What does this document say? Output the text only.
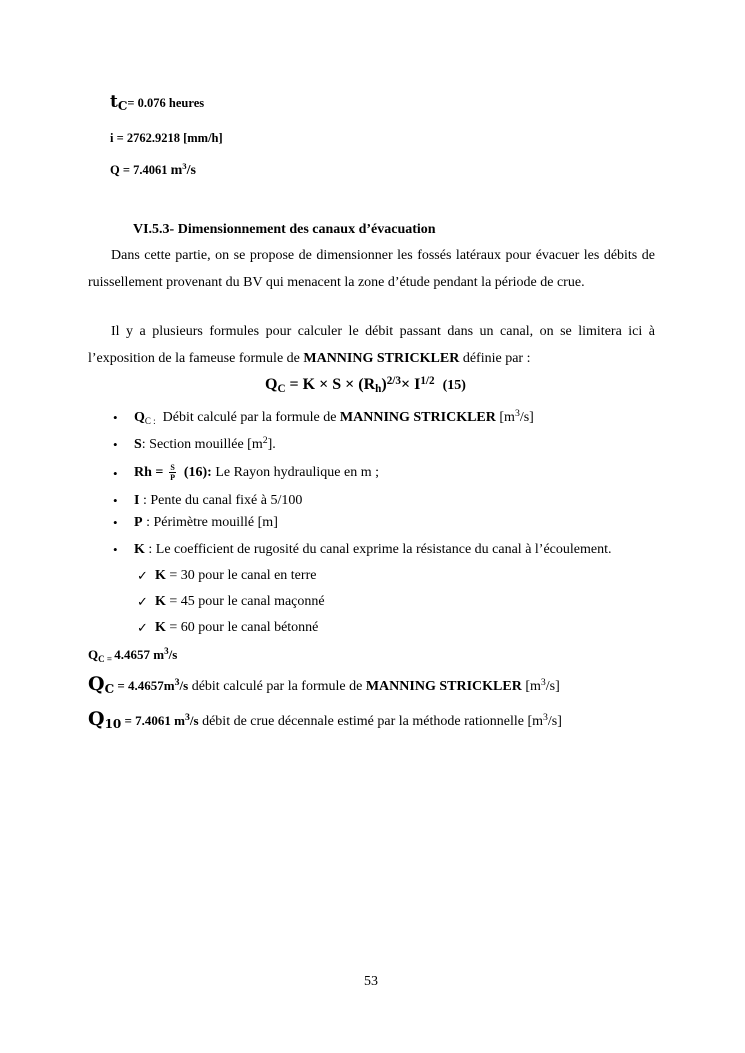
$t_C= 0.076$ heures
i = 2762.9218 [mm/h]
Q = 7.4061 $m^3/s$
VI.5.3- Dimensionnement des canaux d’évacuation
Dans cette partie, on se propose de dimensionner les fossés latéraux pour évacuer les débits de ruissellement provenant du BV qui menacent la zone d’étude pendant la période de crue.
Il y a plusieurs formules pour calculer le débit passant dans un canal, on se limitera ici à l’exposition de la fameuse formule de MANNING STRICKLER définie par :
$Q_C = K \times S \times (R_h)^{2/3}\times I^{1/2}$ (15)
• $Q_{C :}$ Débit calculé par la formule de MANNING STRICKLER $[m^3/s]$
• S: Section mouillée $[m^2]$.
• $Rh = \frac{S}{P} (16)$: Le Rayon hydraulique en m ;
• I : Pente du canal fixé à 5/100
• P : Périmètre mouillé [m]
• K : Le coefficient de rugosité du canal exprime la résistance du canal à l’écoulement.
✓ K = 30 pour le canal en terre
✓ K = 45 pour le canal maçonné
✓ K = 60 pour le canal bétonné
$Q_{C =}$ 4.4657 $m^3/s$
$Q_C = 4.4657m^3/s$ débit calculé par la formule de MANNING STRICKLER $[m^3/s]$
$Q_{10} = 7.4061$ $m^3/s$ débit de crue décennale estimé par la méthode rationnelle $[m^3/s]$
53
